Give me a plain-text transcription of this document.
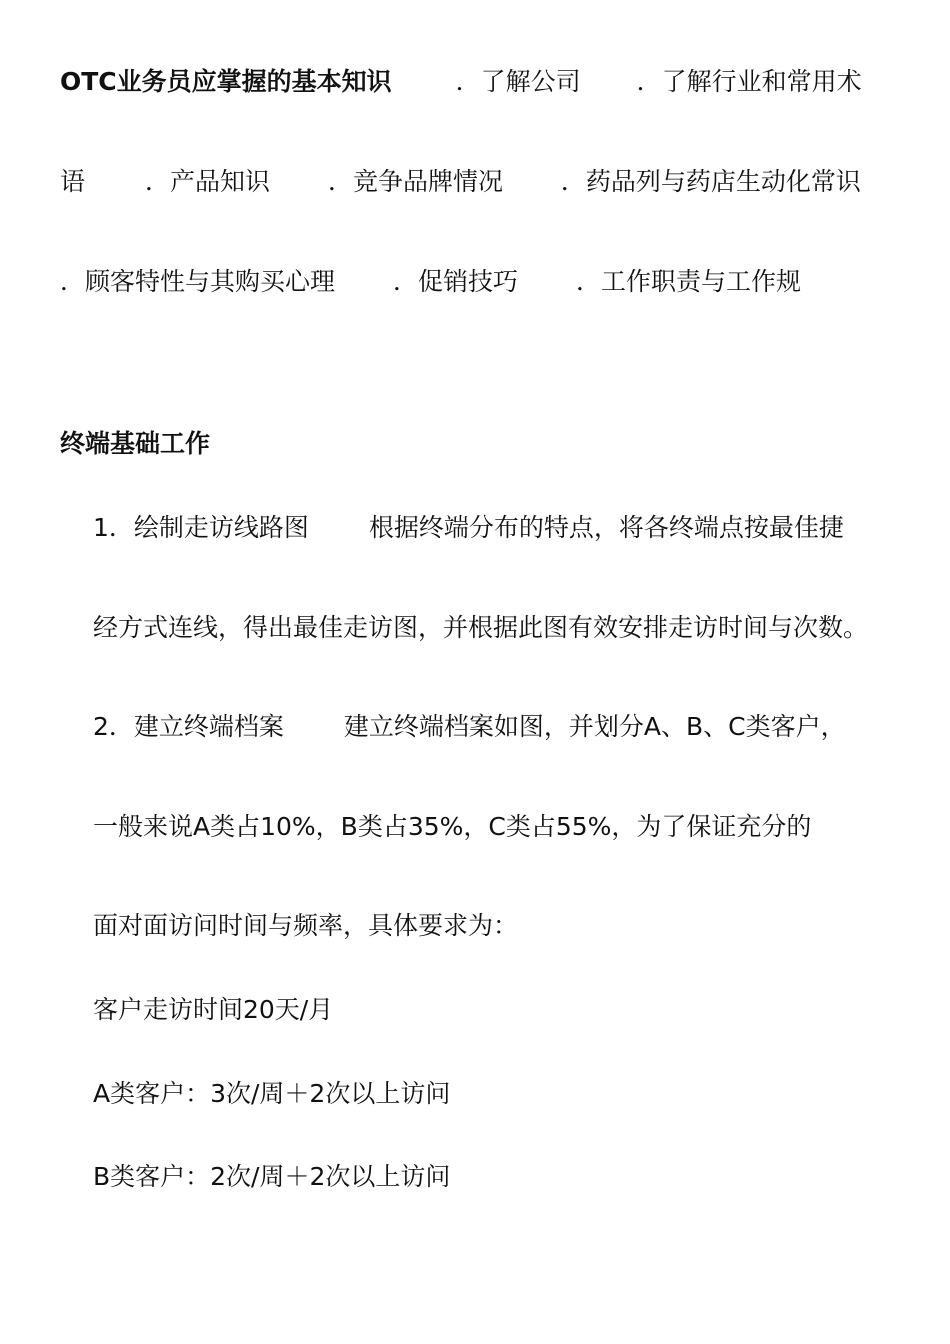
OTC业务员应掌握的基本知识	．了解公司 ．了解行业和常用术
语 ．产品知识 ．竞争品牌情况 ．药品列与药店生动化常识
．顾客特性与其购买心理 ．促销技巧 ．工作职责与工作规
终端基础工作
1．绘制走访线路图 根据终端分布的特点，将各终端点按最佳捷
经方式连线，得出最佳走访图，并根据此图有效安排走访时间与次数。
2．建立终端档案 建立终端档案如图，并划分A、B、C类客户，
一般来说A类占10%，B类占35%，C类占55%，为了保证充分的
面对面访问时间与频率，具体要求为：
客户走访时间20天/月
A类客户：3次/周＋2次以上访问
B类客户：2次/周＋2次以上访问
